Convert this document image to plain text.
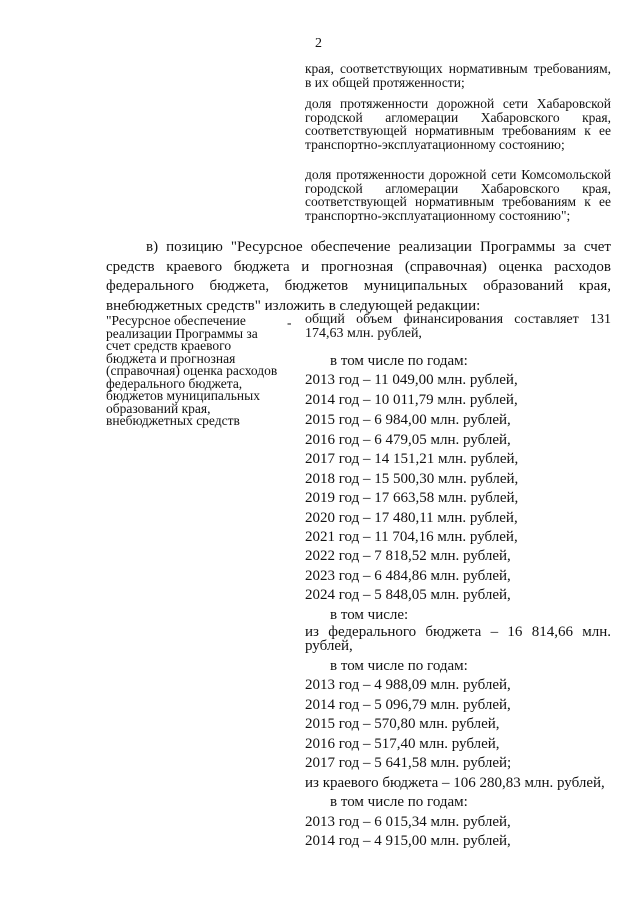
2
края, соответствующих нормативным требованиям, в их общей протяженности;
доля протяженности дорожной сети Хабаровской городской агломерации Хабаровского края, соответствующей нормативным требованиям к ее транспортно-эксплуатационному состоянию;
доля протяженности дорожной сети Комсомольской городской агломерации Хабаровского края, соответствующей нормативным требованиям к ее транспортно-эксплуатационному состоянию";
в) позицию "Ресурсное обеспечение реализации Программы за счет средств краевого бюджета и прогнозная (справочная) оценка расходов федерального бюджета, бюджетов муниципальных образований края, внебюджетных средств" изложить в следующей редакции:
"Ресурсное обеспечение реализации Программы за счет средств краевого бюджета и прогнозная (справочная) оценка расходов федерального бюджета, бюджетов муниципальных образований края, внебюджетных средств
- общий объем финансирования составляет 131 174,63 млн. рублей,
в том числе по годам:
2013 год – 11 049,00 млн. рублей,
2014 год – 10 011,79 млн. рублей,
2015 год – 6 984,00 млн. рублей,
2016 год – 6 479,05 млн. рублей,
2017 год – 14 151,21 млн. рублей,
2018 год – 15 500,30 млн. рублей,
2019 год – 17 663,58 млн. рублей,
2020 год – 17 480,11 млн. рублей,
2021 год – 11 704,16 млн. рублей,
2022 год – 7 818,52 млн. рублей,
2023 год – 6 484,86 млн. рублей,
2024 год – 5 848,05 млн. рублей,
в том числе:
из федерального бюджета – 16 814,66 млн. рублей,
в том числе по годам:
2013 год – 4 988,09 млн. рублей,
2014 год – 5 096,79 млн. рублей,
2015 год – 570,80 млн. рублей,
2016 год – 517,40 млн. рублей,
2017 год – 5 641,58 млн. рублей;
из краевого бюджета – 106 280,83 млн. рублей,
в том числе по годам:
2013 год – 6 015,34 млн. рублей,
2014 год – 4 915,00 млн. рублей,
